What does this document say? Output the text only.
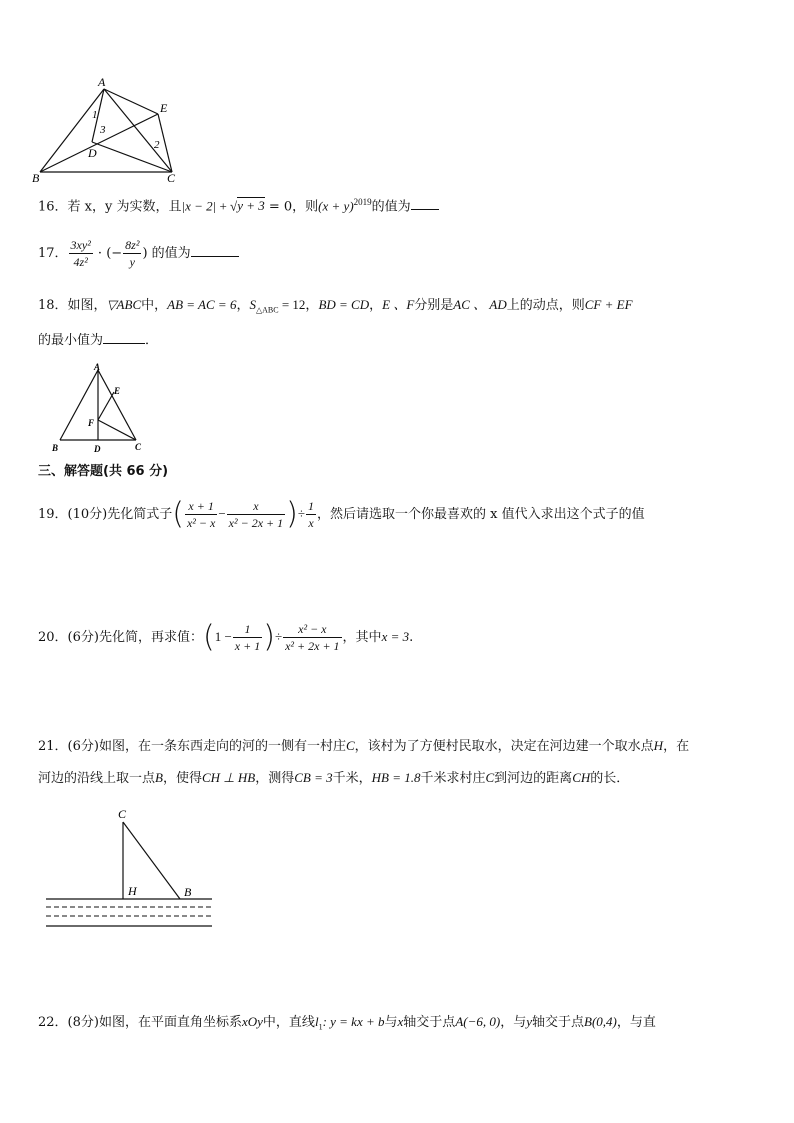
A
E
B	C
D
1
3
2
16．若 x，y 为实数，且|x − 2| + √y + 3 = 0，则$(x + y)^{2019}$的值为
17． $\frac{\text{3xy²}}{\text{4z²}}$ · (− $\frac{\text{8z²}}{y}$ ) 的值为
18．如图，▽ABC中，AB = AC = 6，$S_{\triangle ABC} = 12$，BD = CD，E 、F分别是AC 、 AD上的动点，则CF + EF
的最小值为	．
A
E
F
B	D	C
三、解答题(共 66 分)
19．(10分)先化简式子( $\frac{x + 1}{\text{x² − x}} - \frac{x}{\text{x² − 2x + 1}}$ )÷ $\frac{1}{x}$ ，然后请选取一个你最喜欢的 x 值代入求出这个式子的值
20．(6分)先化简，再求值：($1 - \frac{1}{x + 1}$ )÷ $\frac{\text{x² − x}}{\text{x² + 2x + 1}}$ ，其中x = 3.
21．(6分)如图，在一条东西走向的河的一侧有一村庄C，该村为了方便村民取水，决定在河边建一个取水点H，在
河边的沿线上取一点B，使得CH ⊥ HB，测得CB = 3千米，HB = 1.8千米求村庄C到河边的距离CH的长．
C
H	B
22．(8分)如图，在平面直角坐标系xOy中，直线$l_1$: y = kx + b与x轴交于点A(−6, 0)，与y轴交于点B(0,4)，与直
